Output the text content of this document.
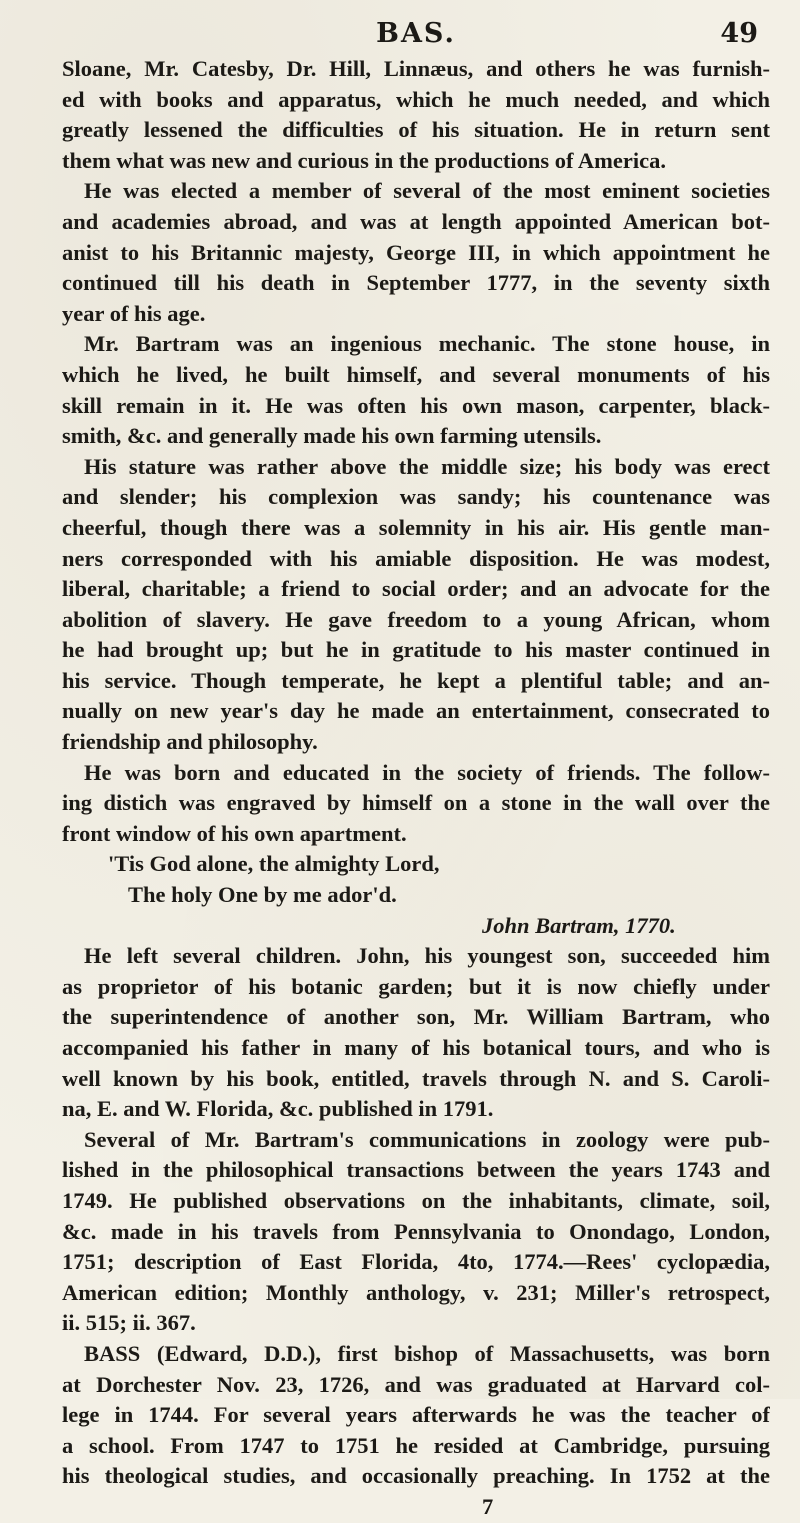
BAS.	49
Sloane, Mr. Catesby, Dr. Hill, Linnæus, and others he was furnish-
ed with books and apparatus, which he much needed, and which
greatly lessened the difficulties of his situation. He in return sent
them what was new and curious in the productions of America.
He was elected a member of several of the most eminent societies
and academies abroad, and was at length appointed American bot-
anist to his Britannic majesty, George III, in which appointment he
continued till his death in September 1777, in the seventy sixth
year of his age.
Mr. Bartram was an ingenious mechanic. The stone house, in
which he lived, he built himself, and several monuments of his
skill remain in it. He was often his own mason, carpenter, black-
smith, &c. and generally made his own farming utensils.
His stature was rather above the middle size; his body was erect
and slender; his complexion was sandy; his countenance was
cheerful, though there was a solemnity in his air. His gentle man-
ners corresponded with his amiable disposition. He was modest,
liberal, charitable; a friend to social order; and an advocate for the
abolition of slavery. He gave freedom to a young African, whom
he had brought up; but he in gratitude to his master continued in
his service. Though temperate, he kept a plentiful table; and an-
nually on new year's day he made an entertainment, consecrated to
friendship and philosophy.
He was born and educated in the society of friends. The follow-
ing distich was engraved by himself on a stone in the wall over the
front window of his own apartment.
'Tis God alone, the almighty Lord,
The holy One by me ador'd.
John Bartram, 1770.
He left several children. John, his youngest son, succeeded him
as proprietor of his botanic garden; but it is now chiefly under
the superintendence of another son, Mr. William Bartram, who
accompanied his father in many of his botanical tours, and who is
well known by his book, entitled, travels through N. and S. Caroli-
na, E. and W. Florida, &c. published in 1791.
Several of Mr. Bartram's communications in zoology were pub-
lished in the philosophical transactions between the years 1743 and
1749. He published observations on the inhabitants, climate, soil,
&c. made in his travels from Pennsylvania to Onondago, London,
1751; description of East Florida, 4to, 1774.—Rees' cyclopædia,
American edition; Monthly anthology, v. 231; Miller's retrospect,
ii. 515; ii. 367.
BASS (Edward, D.D.), first bishop of Massachusetts, was born
at Dorchester Nov. 23, 1726, and was graduated at Harvard col-
lege in 1744. For several years afterwards he was the teacher of
a school. From 1747 to 1751 he resided at Cambridge, pursuing
his theological studies, and occasionally preaching. In 1752 at the
7
